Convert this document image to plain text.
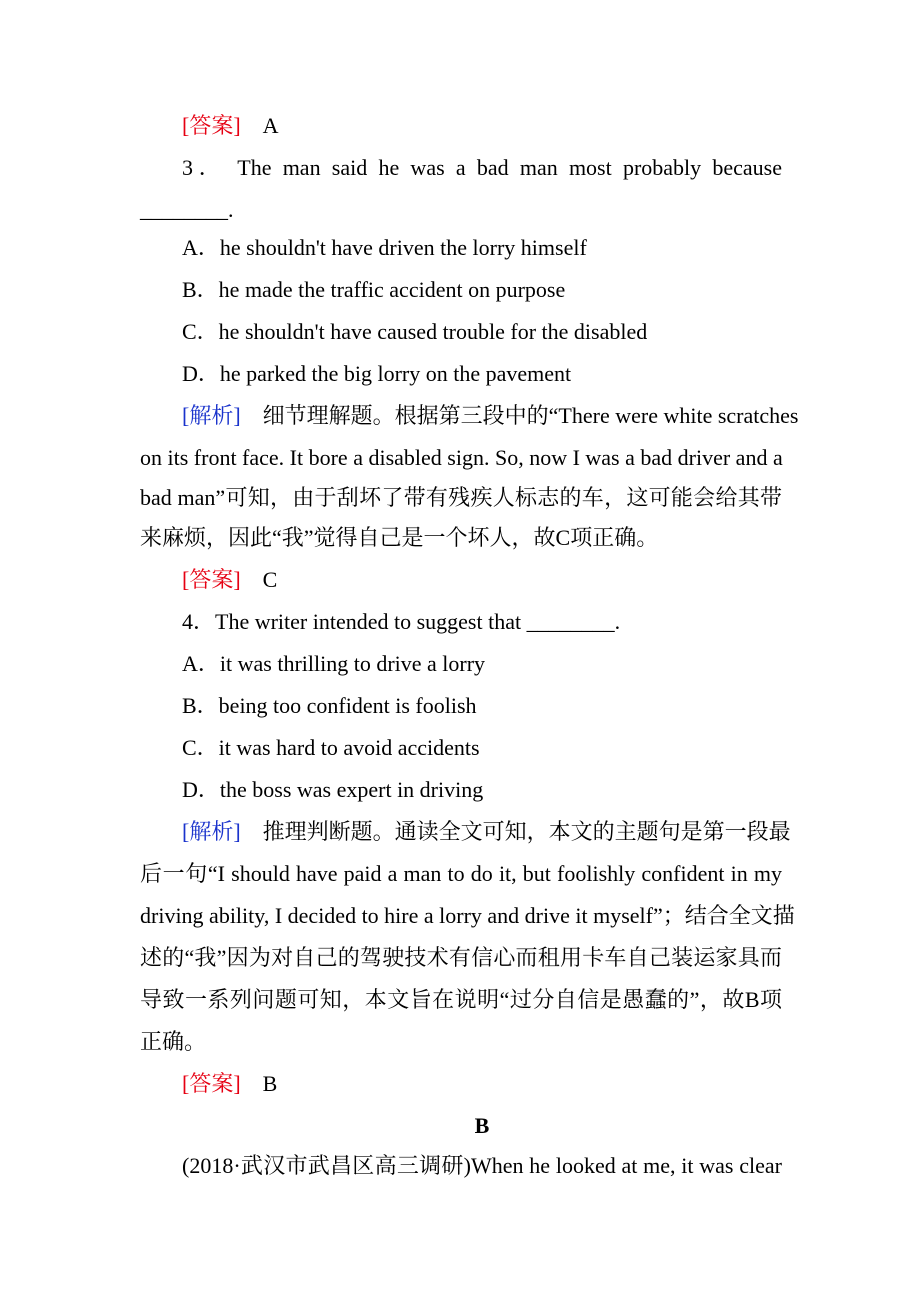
[答案] A
3． The man said he was a bad man most probably because
________.
A．he shouldn't have driven the lorry himself
B．he made the traffic accident on purpose
C．he shouldn't have caused trouble for the disabled
D．he parked the big lorry on the pavement
[解析] 细节理解题。根据第三段中的“There were white scratches
on its front face. It bore a disabled sign. So, now I was a bad driver and a
bad man”可知，由于刮坏了带有残疾人标志的车，这可能会给其带
来麻烦，因此“我”觉得自己是一个坏人，故C项正确。
[答案] C
4．The writer intended to suggest that ________.
A．it was thrilling to drive a lorry
B．being too confident is foolish
C．it was hard to avoid accidents
D．the boss was expert in driving
[解析] 推理判断题。通读全文可知，本文的主题句是第一段最
后一句“I should have paid a man to do it, but foolishly confident in my
driving ability, I decided to hire a lorry and drive it myself”；结合全文描
述的“我”因为对自己的驾驶技术有信心而租用卡车自己装运家具而
导致一系列问题可知，本文旨在说明“过分自信是愚蠢的”，故B项
正确。
[答案] B
B
(2018·武汉市武昌区高三调研)When he looked at me, it was clear
